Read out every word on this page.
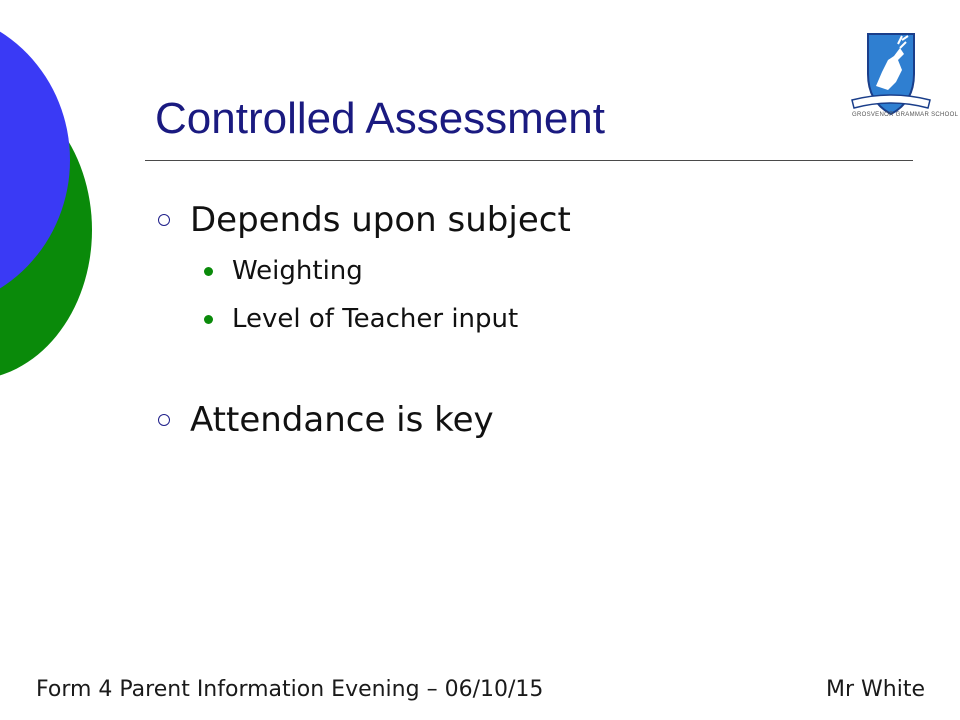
Controlled Assessment	GROSVENOR GRAMMAR SCHOOL
Depends upon subject
Weighting
Level of Teacher input
Attendance is key
Form 4 Parent Information Evening – 06/10/15	Mr White
